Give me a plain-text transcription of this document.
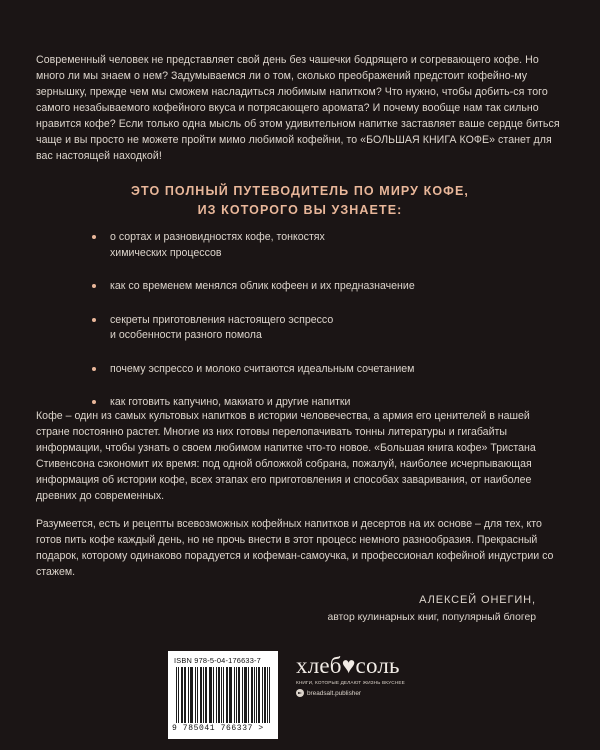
Современный человек не представляет свой день без чашечки бодрящего и согревающего кофе. Но много ли мы знаем о нем? Задумываемся ли о том, сколько преображений предстоит кофейно-му зернышку, прежде чем мы сможем насладиться любимым напитком? Что нужно, чтобы добить-ся того самого незабываемого кофейного вкуса и потрясающего аромата? И почему вообще нам так сильно нравится кофе? Если только одна мысль об этом удивительном напитке заставляет ваше сердце биться чаще и вы просто не можете пройти мимо любимой кофейни, то «БОЛЬШАЯ КНИГА КОФЕ» станет для вас настоящей находкой!

ЭТО ПОЛНЫЙ ПУТЕВОДИТЕЛЬ ПО МИРУ КОФЕ,
ИЗ КОТОРОГО ВЫ УЗНАЕТЕ:
о сортах и разновидностях кофе, тонкостях
химических процессов
как со временем менялся облик кофеен и их предназначение
секреты приготовления настоящего эспрессо
и особенности разного помола
почему эспрессо и молоко считаются идеальным сочетанием
как готовить капучино, макиато и другие напитки

Кофе – один из самых культовых напитков в истории человечества, а армия его ценителей в нашей стране постоянно растет. Многие из них готовы перелопачивать тонны литературы и гигабайты информации, чтобы узнать о своем любимом напитке что-то новое. «Большая книга кофе» Тристана Стивенсона сэкономит их время: под одной обложкой собрана, пожалуй, наиболее исчерпывающая информация об истории кофе, всех этапах его приготовления и способах заваривания, от наиболее древних до современных.

Разумеется, есть и рецепты всевозможных кофейных напитков и десертов на их основе – для тех, кто готов пить кофе каждый день, но не прочь внести в этот процесс немного разнообразия. Прекрасный подарок, которому одинаково порадуется и кофеман-самоучка, и профессионал кофейной индустрии со стажем.

АЛЕКСЕЙ ОНЕГИН,
автор кулинарных книг, популярный блогер
ISBN 978-5-04-176633-7
9 785041 766337 >
хлеб♥соль
КНИГИ, КОТОРЫЕ ДЕЛАЮТ ЖИЗНЬ ВКУСНЕЕ
breadsalt.publisher
